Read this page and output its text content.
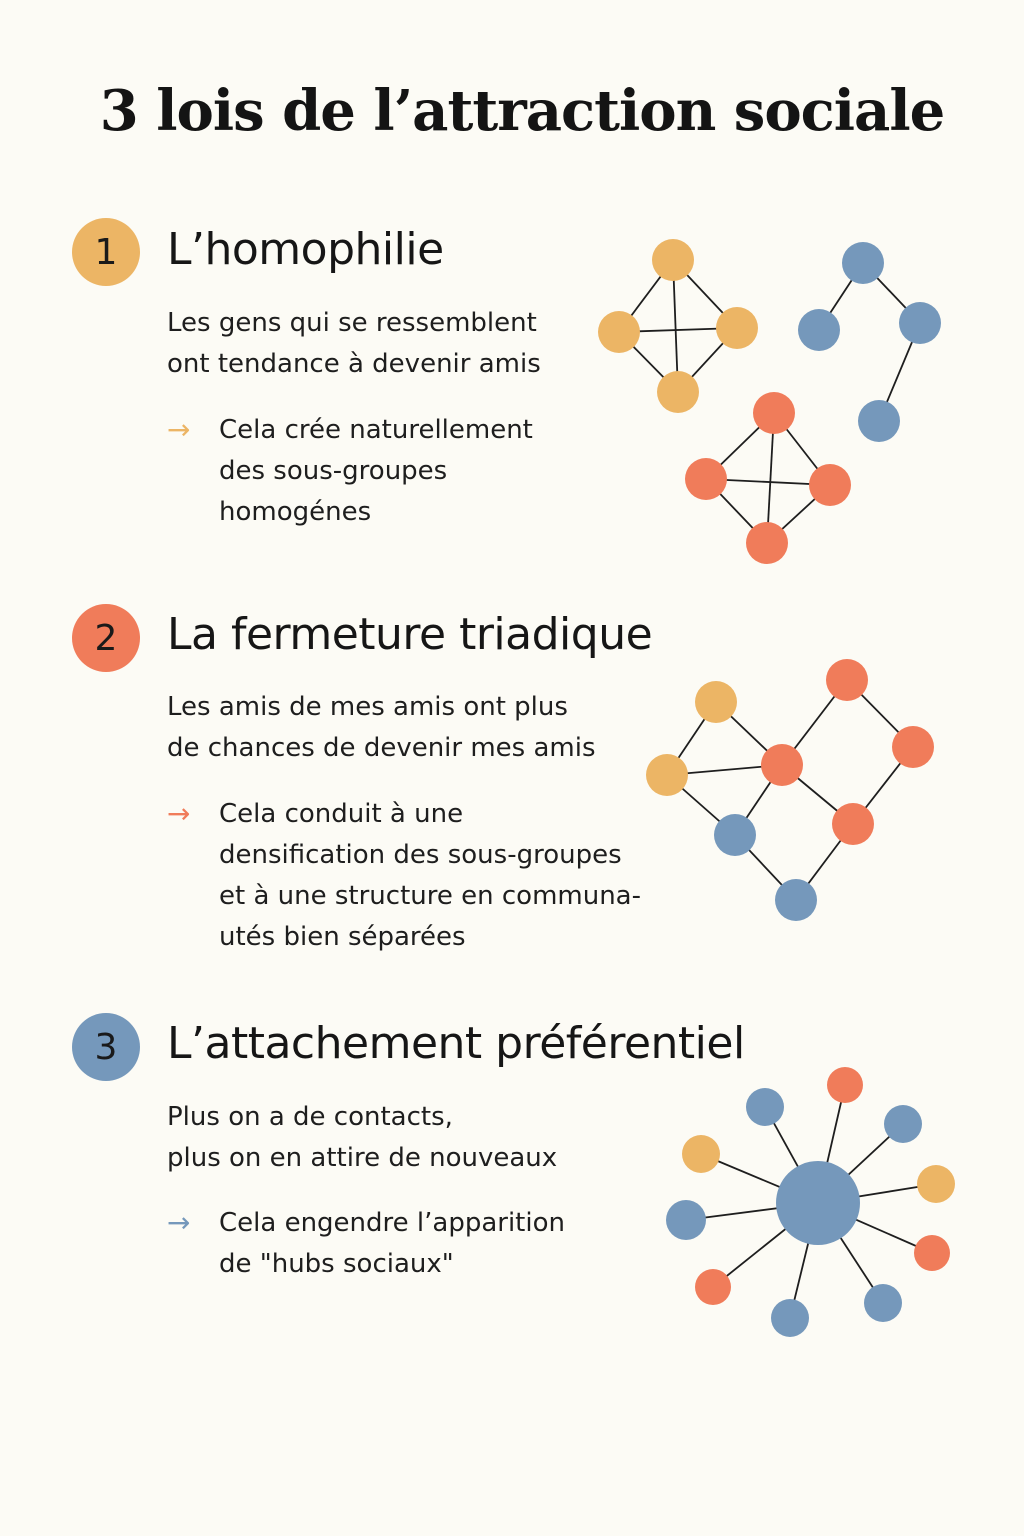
3 lois de l’attraction sociale
1	L’homophilie
Les gens qui se ressemblent
ont tendance à devenir amis
→ Cela crée naturellement
des sous-groupes
homogénes
2	La fermeture triadique
Les amis de mes amis ont plus
de chances de devenir mes amis
→ Cela conduit à une
densification des sous-groupes
et à une structure en communa-
utés bien séparées
3	L’attachement préférentiel
Plus on a de contacts,
plus on en attire de nouveaux
→ Cela engendre l’apparition
de "hubs sociaux"
